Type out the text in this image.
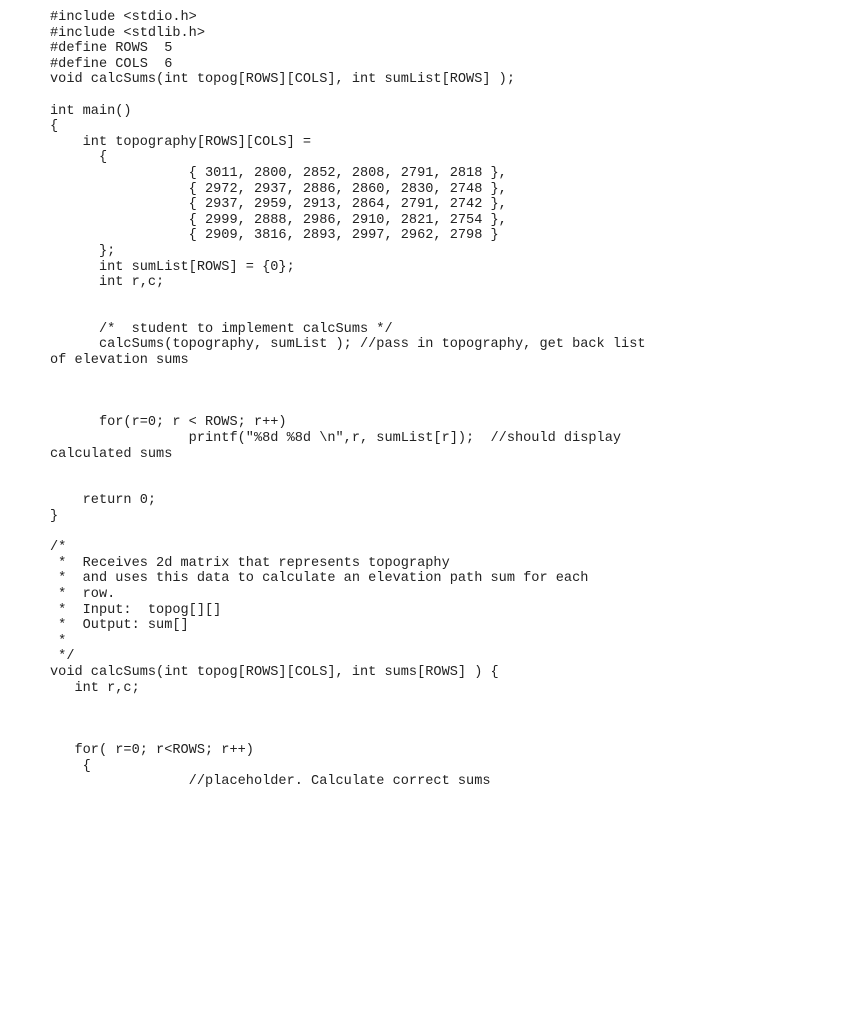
#include <stdio.h>
#include <stdlib.h>
#define ROWS  5
#define COLS  6
void calcSums(int topog[ROWS][COLS], int sumList[ROWS] );
int main()
{
int topography[ROWS][COLS] =
{
{ 3011, 2800, 2852, 2808, 2791, 2818 },
{ 2972, 2937, 2886, 2860, 2830, 2748 },
{ 2937, 2959, 2913, 2864, 2791, 2742 },
{ 2999, 2888, 2986, 2910, 2821, 2754 },
{ 2909, 3816, 2893, 2997, 2962, 2798 }
};
int sumList[ROWS] = {0};
int r,c;
/*  student to implement calcSums */
calcSums(topography, sumList ); //pass in topography, get back list
of elevation sums
for(r=0; r < ROWS; r++)
printf("%8d %8d \n",r, sumList[r]);  //should display
calculated sums
return 0;
}
/*
*  Receives 2d matrix that represents topography
*  and uses this data to calculate an elevation path sum for each
*  row.
*  Input:  topog[][]
*  Output: sum[]
*
*/
void calcSums(int topog[ROWS][COLS], int sums[ROWS] ) {
int r,c;
for( r=0; r<ROWS; r++)
{
//placeholder. Calculate correct sums
